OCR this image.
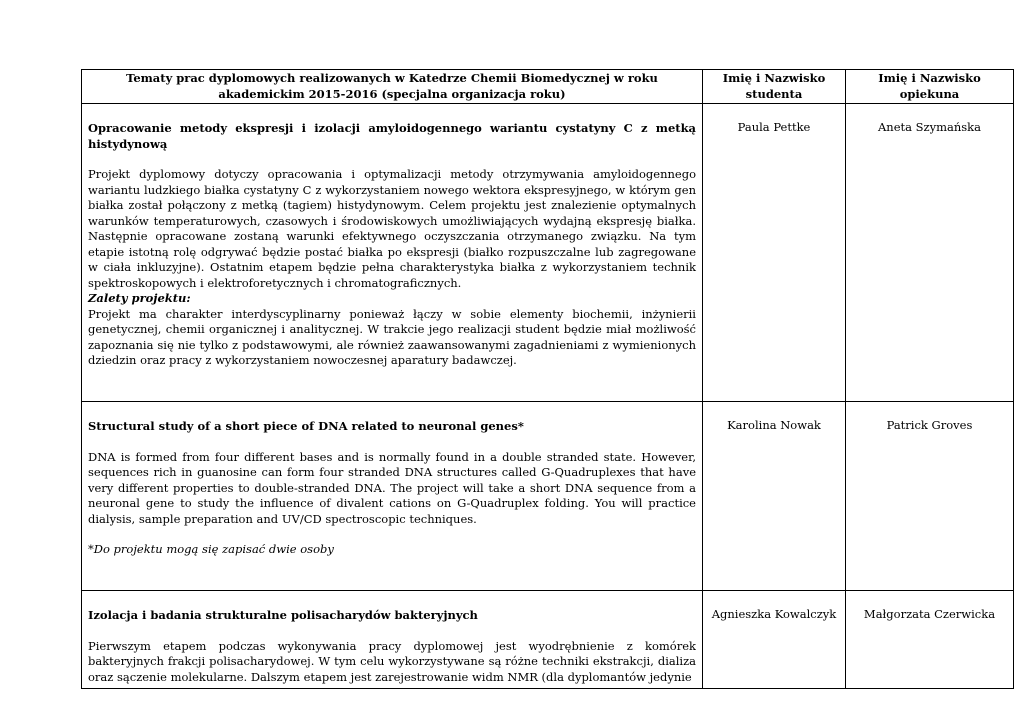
Tematy prac dyplomowych realizowanych w Katedrze Chemii Biomedycznej w roku akademickim 2015-2016 (specjalna organizacja roku)	Imię i Nazwisko studenta	Imię i Nazwisko opiekuna

Opracowanie metody ekspresji i izolacji amyloidogennego wariantu cystatyny C z metką histydynową
Projekt dyplomowy dotyczy opracowania i optymalizacji metody otrzymywania amyloidogennego wariantu ludzkiego białka cystatyny C z wykorzystaniem nowego wektora ekspresyjnego, w którym gen białka został połączony z metką (tagiem) histydynowym. Celem projektu jest znalezienie optymalnych warunków temperaturowych, czasowych i środowiskowych umożliwiających wydajną ekspresję białka. Następnie opracowane zostaną warunki efektywnego oczyszczania otrzymanego związku. Na tym etapie istotną rolę odgrywać będzie postać białka po ekspresji (białko rozpuszczalne lub zagregowane w ciała inkluzyjne). Ostatnim etapem będzie pełna charakterystyka białka z wykorzystaniem technik spektroskopowych i elektroforetycznych i chromatograficznych.
Zalety projektu:
Projekt ma charakter interdyscyplinarny ponieważ łączy w sobie elementy biochemii, inżynierii genetycznej, chemii organicznej i analitycznej. W trakcie jego realizacji student będzie miał możliwość zapoznania się nie tylko z podstawowymi, ale również zaawansowanymi zagadnieniami z wymienionych dziedzin oraz pracy z wykorzystaniem nowoczesnej aparatury badawczej.	Paula Pettke	Aneta Szymańska

Structural study of a short piece of DNA related to neuronal genes*
DNA is formed from four different bases and is normally found in a double stranded state. However, sequences rich in guanosine can form four stranded DNA structures called G-Quadruplexes that have very different properties to double-stranded DNA. The project will take a short DNA sequence from a neuronal gene to study the influence of divalent cations on G-Quadruplex folding. You will practice dialysis, sample preparation and UV/CD spectroscopic techniques.
*Do projektu mogą się zapisać dwie osoby	Karolina Nowak	Patrick Groves

Izolacja i badania strukturalne polisacharydów bakteryjnych
Pierwszym etapem podczas wykonywania pracy dyplomowej jest wyodrębnienie z komórek bakteryjnych frakcji polisacharydowej. W tym celu wykorzystywane są różne techniki ekstrakcji, dializa oraz sączenie molekularne. Dalszym etapem jest zarejestrowanie widm NMR (dla dyplomantów jedynie	Agnieszka Kowalczyk	Małgorzata Czerwicka
